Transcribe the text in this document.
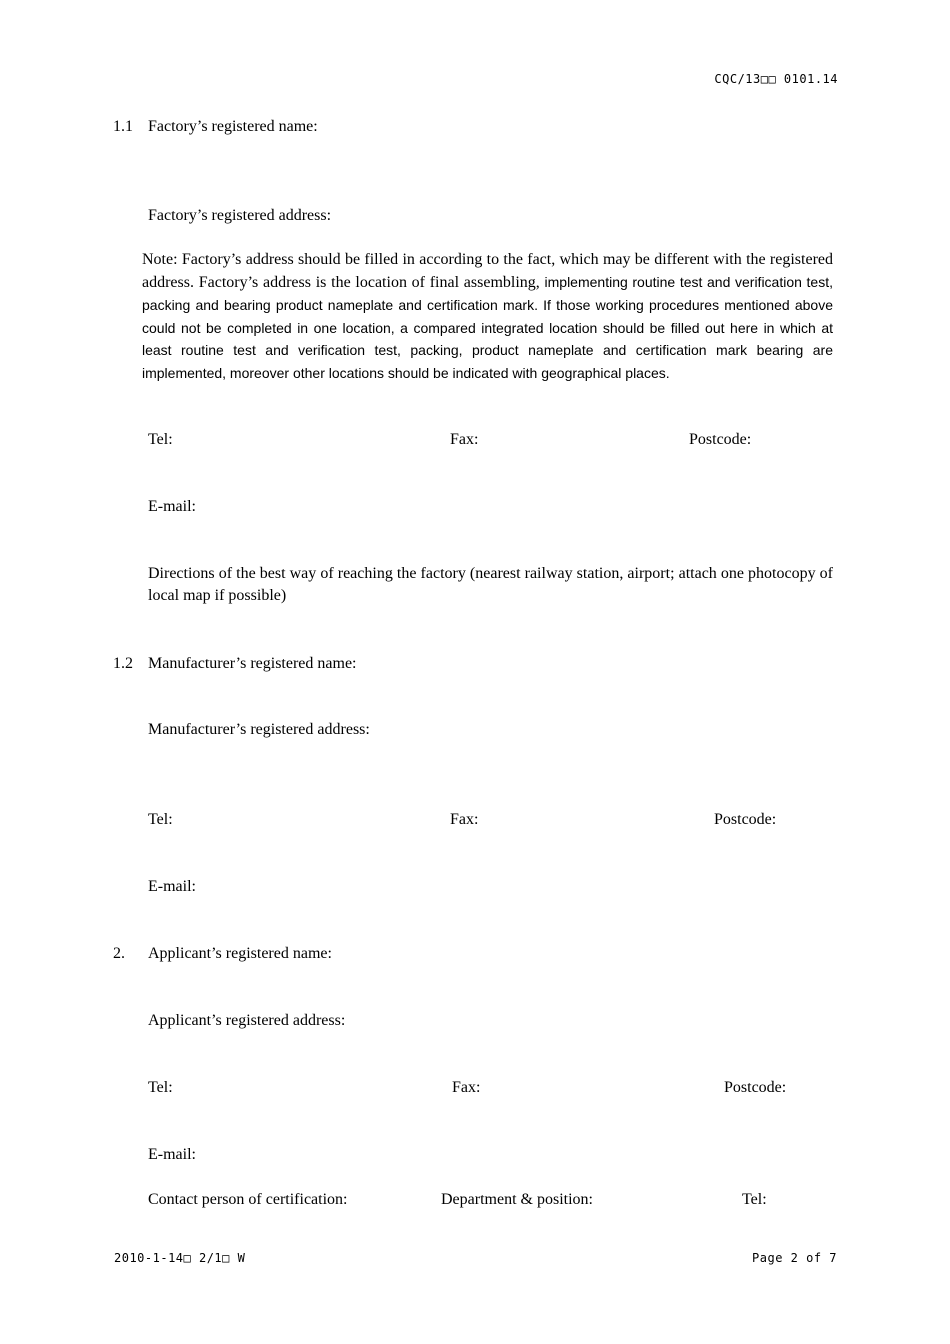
CQC/13□□ 0101.14
1.1 Factory’s registered name:
Factory’s registered address:
Note: Factory’s address should be filled in according to the fact, which may be different with the registered address. Factory’s address is the location of final assembling, implementing routine test and verification test, packing and bearing product nameplate and certification mark. If those working procedures mentioned above could not be completed in one location, a compared integrated location should be filled out here in which at least routine test and verification test, packing, product nameplate and certification mark bearing are implemented, moreover other locations should be indicated with geographical places.
Tel:	Fax:	Postcode:
E-mail:
Directions of the best way of reaching the factory (nearest railway station, airport; attach one photocopy of local map if possible)
1.2 Manufacturer’s registered name:
Manufacturer’s registered address:
Tel:	Fax:	Postcode:
E-mail:
2. Applicant’s registered name:
Applicant’s registered address:
Tel:	Fax:	Postcode:
E-mail:
Contact person of certification:	Department & position:	Tel:
2010-1-14□ 2/1□ W	Page 2 of 7
